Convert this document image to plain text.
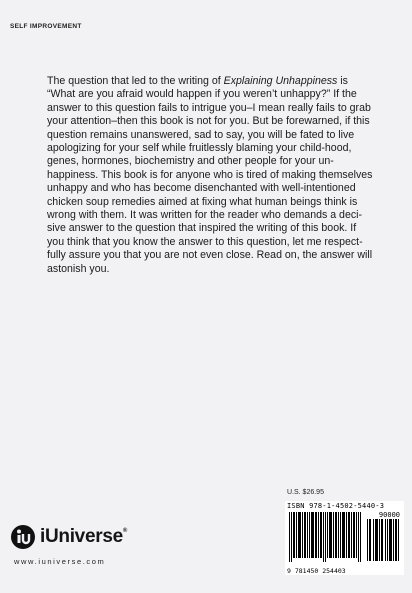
SELF IMPROVEMENT

The question that led to the writing of Explaining Unhappiness is “What are you afraid would happen if you weren’t unhappy?” If the answer to this question fails to intrigue you–I mean really fails to grab your attention–then this book is not for you. But be forewarned, if this question remains unanswered, sad to say, you will be fated to live apologizing for your self while fruitlessly blaming your child-hood, genes, hormones, biochemistry and other people for your un-happiness. This book is for anyone who is tired of making themselves unhappy and who has become disenchanted with well-intentioned chicken soup remedies aimed at fixing what human beings think is wrong with them. It was written for the reader who demands a deci-sive answer to the question that inspired the writing of this book. If you think that you know the answer to this question, let me respect-fully assure you that you are not even close. Read on, the answer will astonish you.

U.S. $26.95
ISBN 978-1-4502-5440-3
90000
9 781450 254403
iUniverse®
www.iuniverse.com
